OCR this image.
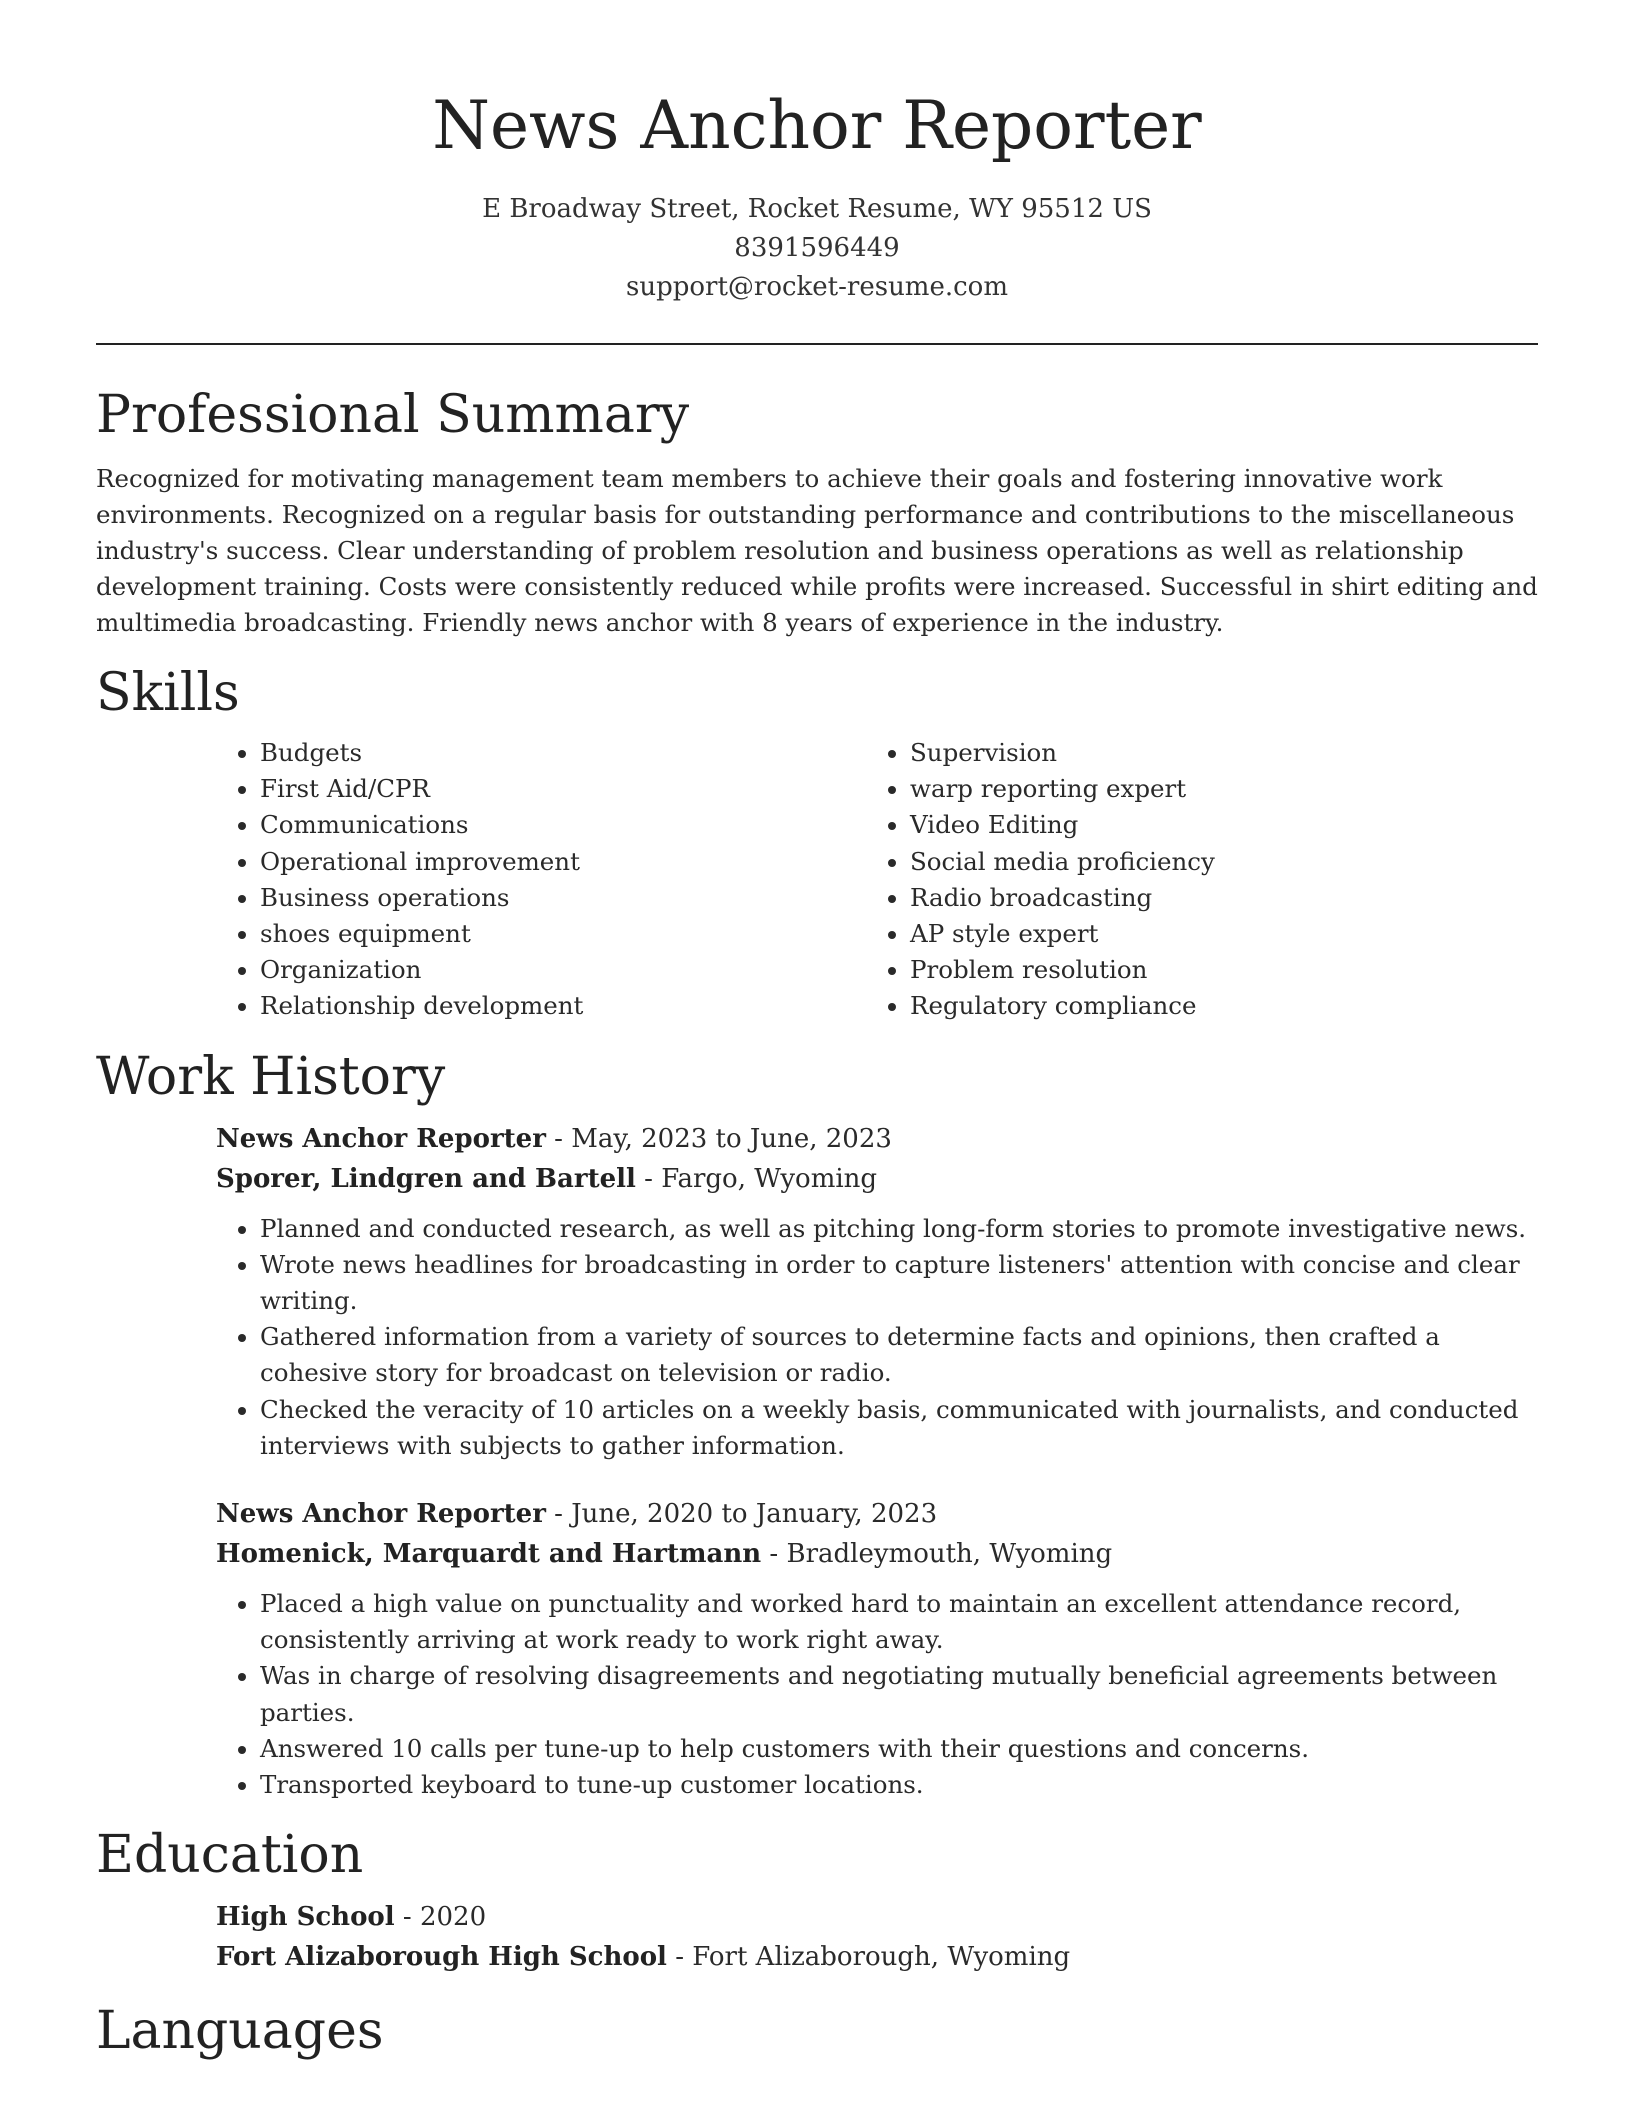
News Anchor Reporter
E Broadway Street, Rocket Resume, WY 95512 US
8391596449
support@rocket-resume.com
Professional Summary

Recognized for motivating management team members to achieve their goals and fostering innovative work environments. Recognized on a regular basis for outstanding performance and contributions to the miscellaneous industry's success. Clear understanding of problem resolution and business operations as well as relationship development training. Costs were consistently reduced while profits were increased. Successful in shirt editing and multimedia broadcasting. Friendly news anchor with 8 years of experience in the industry.

Skills
• Budgets
• First Aid/CPR
• Communications
• Operational improvement
• Business operations
• shoes equipment
• Organization
• Relationship development
• Supervision
• warp reporting expert
• Video Editing
• Social media proficiency
• Radio broadcasting
• AP style expert
• Problem resolution
• Regulatory compliance
Work History
News Anchor Reporter - May, 2023 to June, 2023
Sporer, Lindgren and Bartell - Fargo, Wyoming
• Planned and conducted research, as well as pitching long-form stories to promote investigative news.
• Wrote news headlines for broadcasting in order to capture listeners' attention with concise and clear writing.
• Gathered information from a variety of sources to determine facts and opinions, then crafted a cohesive story for broadcast on television or radio.
• Checked the veracity of 10 articles on a weekly basis, communicated with journalists, and conducted interviews with subjects to gather information.
News Anchor Reporter - June, 2020 to January, 2023
Homenick, Marquardt and Hartmann - Bradleymouth, Wyoming
• Placed a high value on punctuality and worked hard to maintain an excellent attendance record, consistently arriving at work ready to work right away.
• Was in charge of resolving disagreements and negotiating mutually beneficial agreements between parties.
• Answered 10 calls per tune-up to help customers with their questions and concerns.
• Transported keyboard to tune-up customer locations.
Education
High School - 2020
Fort Alizaborough High School - Fort Alizaborough, Wyoming
Languages
